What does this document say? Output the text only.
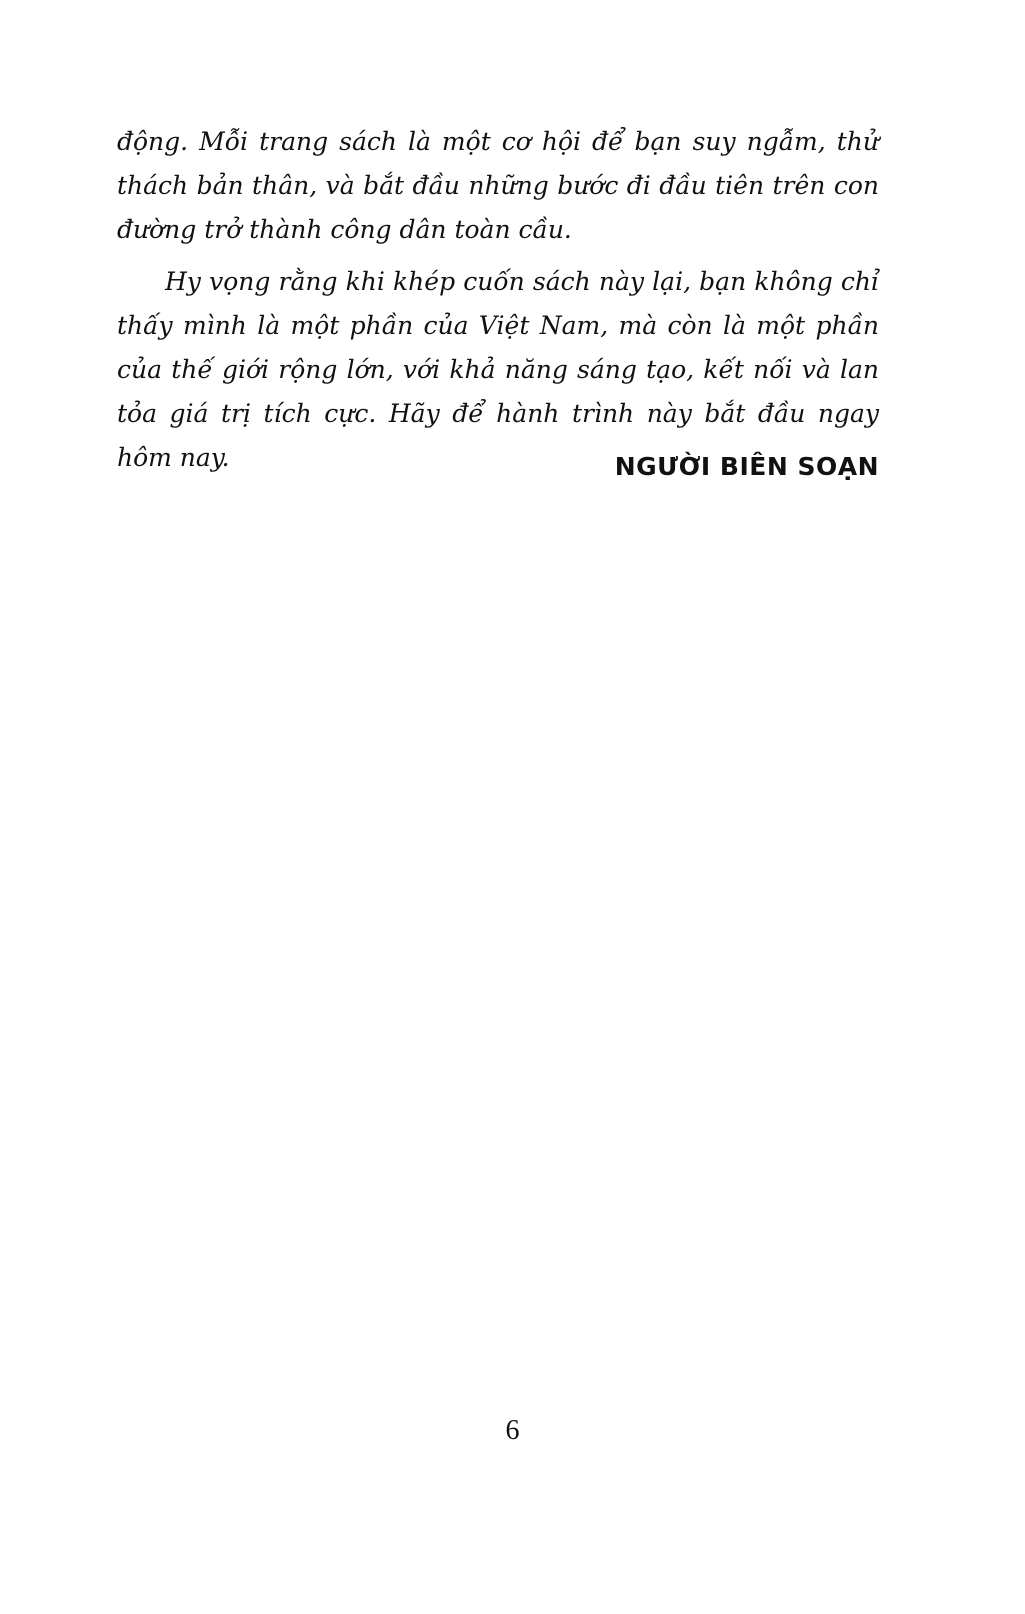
động. Mỗi trang sách là một cơ hội để bạn suy ngẫm, thử thách bản thân, và bắt đầu những bước đi đầu tiên trên con đường trở thành công dân toàn cầu.

Hy vọng rằng khi khép cuốn sách này lại, bạn không chỉ thấy mình là một phần của Việt Nam, mà còn là một phần của thế giới rộng lớn, với khả năng sáng tạo, kết nối và lan tỏa giá trị tích cực. Hãy để hành trình này bắt đầu ngay hôm nay.	NGƯỜI BIÊN SOẠN
6
